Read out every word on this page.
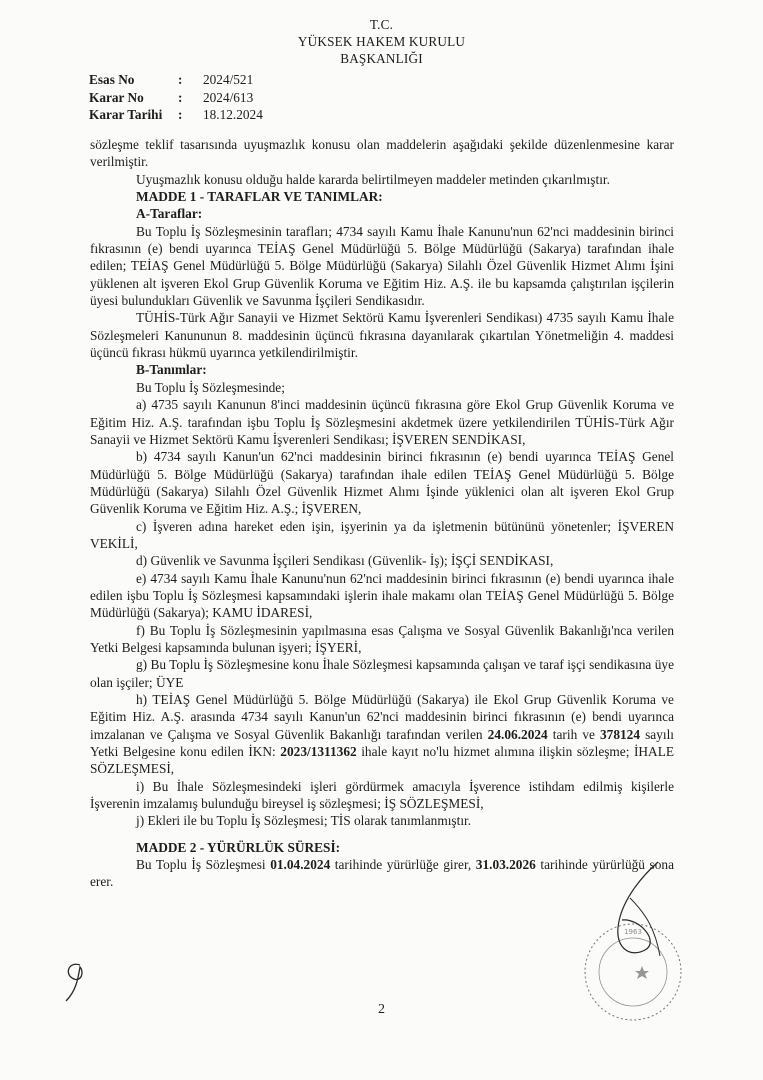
T.C.
YÜKSEK HAKEM KURULU
BAŞKANLIĞI
Esas No	:	2024/521
Karar No	:	2024/613
Karar Tarihi	:	18.12.2024

sözleşme teklif tasarısında uyuşmazlık konusu olan maddelerin aşağıdaki şekilde düzenlenmesine karar verilmiştir.

Uyuşmazlık konusu olduğu halde kararda belirtilmeyen maddeler metinden çıkarılmıştır.

MADDE 1 - TARAFLAR VE TANIMLAR:

A-Taraflar:

Bu Toplu İş Sözleşmesinin tarafları; 4734 sayılı Kamu İhale Kanunu'nun 62'nci maddesinin birinci fıkrasının (e) bendi uyarınca TEİAŞ Genel Müdürlüğü 5. Bölge Müdürlüğü (Sakarya) tarafından ihale edilen; TEİAŞ Genel Müdürlüğü 5. Bölge Müdürlüğü (Sakarya) Silahlı Özel Güvenlik Hizmet Alımı İşini yüklenen alt işveren Ekol Grup Güvenlik Koruma ve Eğitim Hiz. A.Ş. ile bu kapsamda çalıştırılan işçilerin üyesi bulundukları Güvenlik ve Savunma İşçileri Sendikasıdır.

TÜHİS-Türk Ağır Sanayii ve Hizmet Sektörü Kamu İşverenleri Sendikası) 4735 sayılı Kamu İhale Sözleşmeleri Kanununun 8. maddesinin üçüncü fıkrasına dayanılarak çıkartılan Yönetmeliğin 4. maddesi üçüncü fıkrası hükmü uyarınca yetkilendirilmiştir.

B-Tanımlar:

Bu Toplu İş Sözleşmesinde;

a) 4735 sayılı Kanunun 8'inci maddesinin üçüncü fıkrasına göre Ekol Grup Güvenlik Koruma ve Eğitim Hiz. A.Ş. tarafından işbu Toplu İş Sözleşmesini akdetmek üzere yetkilendirilen TÜHİS-Türk Ağır Sanayii ve Hizmet Sektörü Kamu İşverenleri Sendikası; İŞVEREN SENDİKASI,

b) 4734 sayılı Kanun'un 62'nci maddesinin birinci fıkrasının (e) bendi uyarınca TEİAŞ Genel Müdürlüğü 5. Bölge Müdürlüğü (Sakarya) tarafından ihale edilen TEİAŞ Genel Müdürlüğü 5. Bölge Müdürlüğü (Sakarya) Silahlı Özel Güvenlik Hizmet Alımı İşinde yüklenici olan alt işveren Ekol Grup Güvenlik Koruma ve Eğitim Hiz. A.Ş.; İŞVEREN,

c) İşveren adına hareket eden işin, işyerinin ya da işletmenin bütününü yönetenler; İŞVEREN VEKİLİ,

d) Güvenlik ve Savunma İşçileri Sendikası (Güvenlik- İş); İŞÇİ SENDİKASI,

e) 4734 sayılı Kamu İhale Kanunu'nun 62'nci maddesinin birinci fıkrasının (e) bendi uyarınca ihale edilen işbu Toplu İş Sözleşmesi kapsamındaki işlerin ihale makamı olan TEİAŞ Genel Müdürlüğü 5. Bölge Müdürlüğü (Sakarya); KAMU İDARESİ,

f) Bu Toplu İş Sözleşmesinin yapılmasına esas Çalışma ve Sosyal Güvenlik Bakanlığı'nca verilen Yetki Belgesi kapsamında bulunan işyeri; İŞYERİ,

g) Bu Toplu İş Sözleşmesine konu İhale Sözleşmesi kapsamında çalışan ve taraf işçi sendikasına üye olan işçiler; ÜYE

h) TEİAŞ Genel Müdürlüğü 5. Bölge Müdürlüğü (Sakarya) ile Ekol Grup Güvenlik Koruma ve Eğitim Hiz. A.Ş. arasında 4734 sayılı Kanun'un 62'nci maddesinin birinci fıkrasının (e) bendi uyarınca imzalanan ve Çalışma ve Sosyal Güvenlik Bakanlığı tarafından verilen 24.06.2024 tarih ve 378124 sayılı Yetki Belgesine konu edilen İKN: 2023/1311362 ihale kayıt no'lu hizmet alımına ilişkin sözleşme; İHALE SÖZLEŞMESİ,

i) Bu İhale Sözleşmesindeki işleri gördürmek amacıyla İşverence istihdam edilmiş kişilerle İşverenin imzalamış bulunduğu bireysel iş sözleşmesi; İŞ SÖZLEŞMESİ,

j) Ekleri ile bu Toplu İş Sözleşmesi; TİS olarak tanımlanmıştır.

MADDE 2 - YÜRÜRLÜK SÜRESİ:

Bu Toplu İş Sözleşmesi 01.04.2024 tarihinde yürürlüğe girer, 31.03.2026 tarihinde yürürlüğü sona erer.

1963
2
